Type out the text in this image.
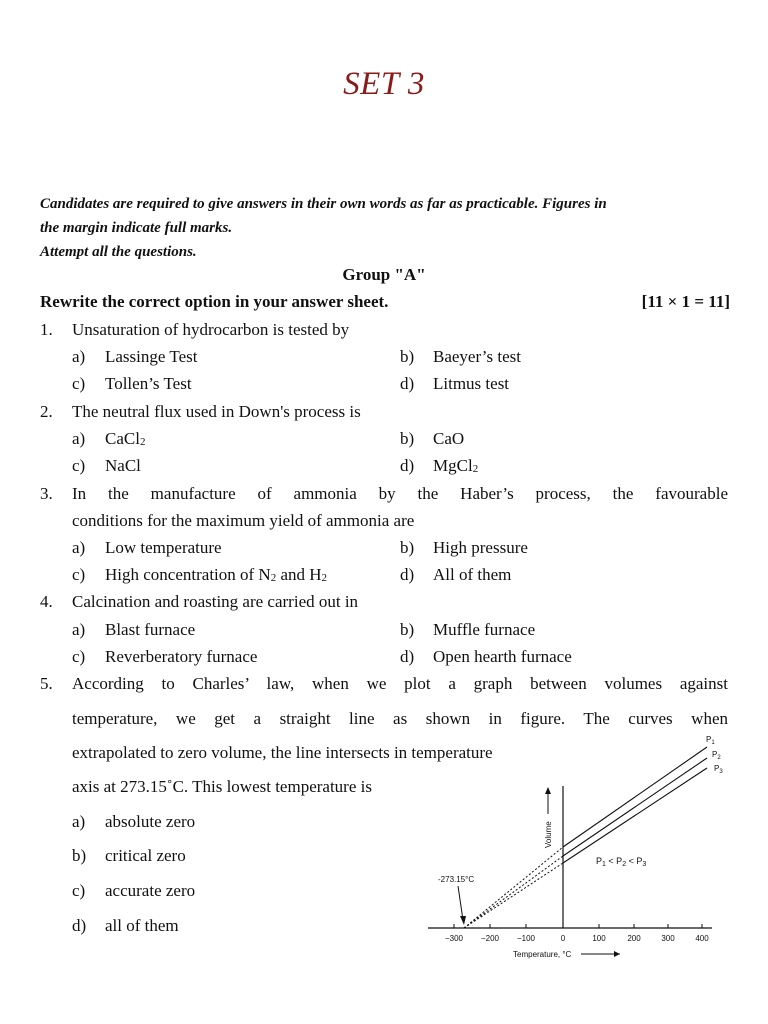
SET 3
Candidates are required to give answers in their own words as far as practicable. Figures in
the margin indicate full marks.
Attempt all the questions.
Group "A"
Rewrite the correct option in your answer sheet.	[11 × 1 = 11]
1. Unsaturation of hydrocarbon is tested by
a) Lassinge Test	b) Baeyer’s test
c) Tollen’s Test	d) Litmus test
2. The neutral flux used in Down's process is
a) CaCl$_2$	b) CaO
c) NaCl	d) MgCl$_2$
3. In the manufacture of ammonia by the Haber’s process, the favourable
conditions for the maximum yield of ammonia are
a) Low temperature	b) High pressure
c) High concentration of $N_2$ and $H_2$	d) All of them
4. Calcination and roasting are carried out in
a) Blast furnace	b) Muffle furnace
c) Reverberatory furnace	d) Open hearth furnace
5. According to Charles’ law, when we plot a graph between volumes against
temperature, we get a straight line as shown in figure. The curves when
extrapolated to zero volume, the line intersects in temperature
axis at 273.15˚C. This lowest temperature is
a) absolute zero
b) critical zero
c) accurate zero
d) all of them
−300 −200 −100	0	100	200	300	400
Temperature, °C
Volume
$P_1$
$P_2$
$P_3$
$P_1 < P_2 < P_3$
-273.15°C
